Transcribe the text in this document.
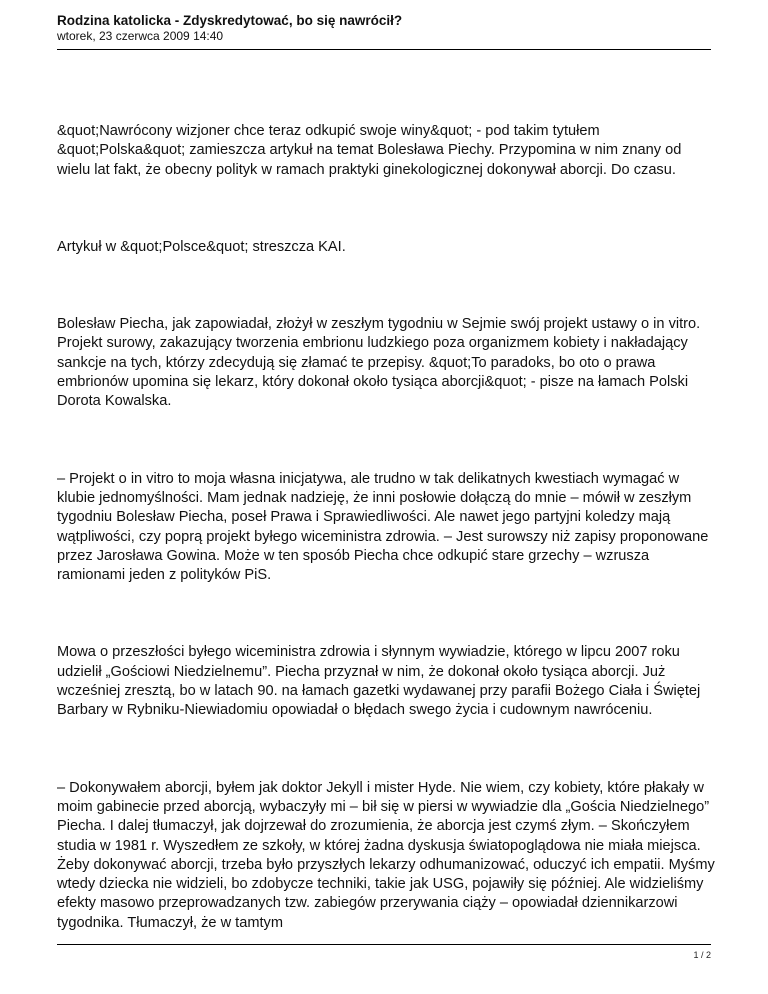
Rodzina katolicka - Zdyskredytować, bo się nawrócił?

wtorek, 23 czerwca 2009 14:40

&quot;Nawrócony wizjoner chce teraz odkupić swoje winy&quot; - pod takim tytułem &quot;Polska&quot; zamieszcza artykuł na temat Bolesława Piechy. Przypomina w nim znany od wielu lat fakt, że obecny polityk w ramach praktyki ginekologicznej dokonywał aborcji. Do czasu.

Artykuł w &quot;Polsce&quot; streszcza KAI.

Bolesław Piecha, jak zapowiadał, złożył w zeszłym tygodniu w Sejmie swój projekt ustawy o in vitro. Projekt surowy, zakazujący tworzenia embrionu ludzkiego poza organizmem kobiety i nakładający sankcje na tych, którzy zdecydują się złamać te przepisy. &quot;To paradoks, bo oto o prawa embrionów upomina się lekarz, który dokonał około tysiąca aborcji&quot; - pisze na łamach Polski Dorota Kowalska.

– Projekt o in vitro to moja własna inicjatywa, ale trudno w tak delikatnych kwestiach wymagać w klubie jednomyślności. Mam jednak nadzieję, że inni posłowie dołączą do mnie – mówił w zeszłym tygodniu Bolesław Piecha, poseł Prawa i Sprawiedliwości. Ale nawet jego partyjni koledzy mają wątpliwości, czy poprą projekt byłego wiceministra zdrowia. – Jest surowszy niż zapisy proponowane przez Jarosława Gowina. Może w ten sposób Piecha chce odkupić stare grzechy – wzrusza ramionami jeden z polityków PiS.

Mowa o przeszłości byłego wiceministra zdrowia i słynnym wywiadzie, którego w lipcu 2007 roku udzielił „Gościowi Niedzielnemu”. Piecha przyznał w nim, że dokonał około tysiąca aborcji. Już wcześniej zresztą, bo w latach 90. na łamach gazetki wydawanej przy parafii Bożego Ciała i Świętej Barbary w Rybniku-Niewiadomiu opowiadał o błędach swego życia i cudownym nawróceniu.

– Dokonywałem aborcji, byłem jak doktor Jekyll i mister Hyde. Nie wiem, czy kobiety, które płakały w moim gabinecie przed aborcją, wybaczyły mi – bił się w piersi w wywiadzie dla „Gościa Niedzielnego” Piecha. I dalej tłumaczył, jak dojrzewał do zrozumienia, że aborcja jest czymś złym. – Skończyłem studia w 1981 r. Wyszedłem ze szkoły, w której żadna dyskusja światopoglądowa nie miała miejsca. Żeby dokonywać aborcji, trzeba było przyszłych lekarzy odhumanizować, oduczyć ich empatii. Myśmy wtedy dziecka nie widzieli, bo zdobycze techniki, takie jak USG, pojawiły się później. Ale widzieliśmy efekty masowo przeprowadzanych tzw. zabiegów przerywania ciąży – opowiadał dziennikarzowi tygodnika. Tłumaczył, że w tamtym

1 / 2
